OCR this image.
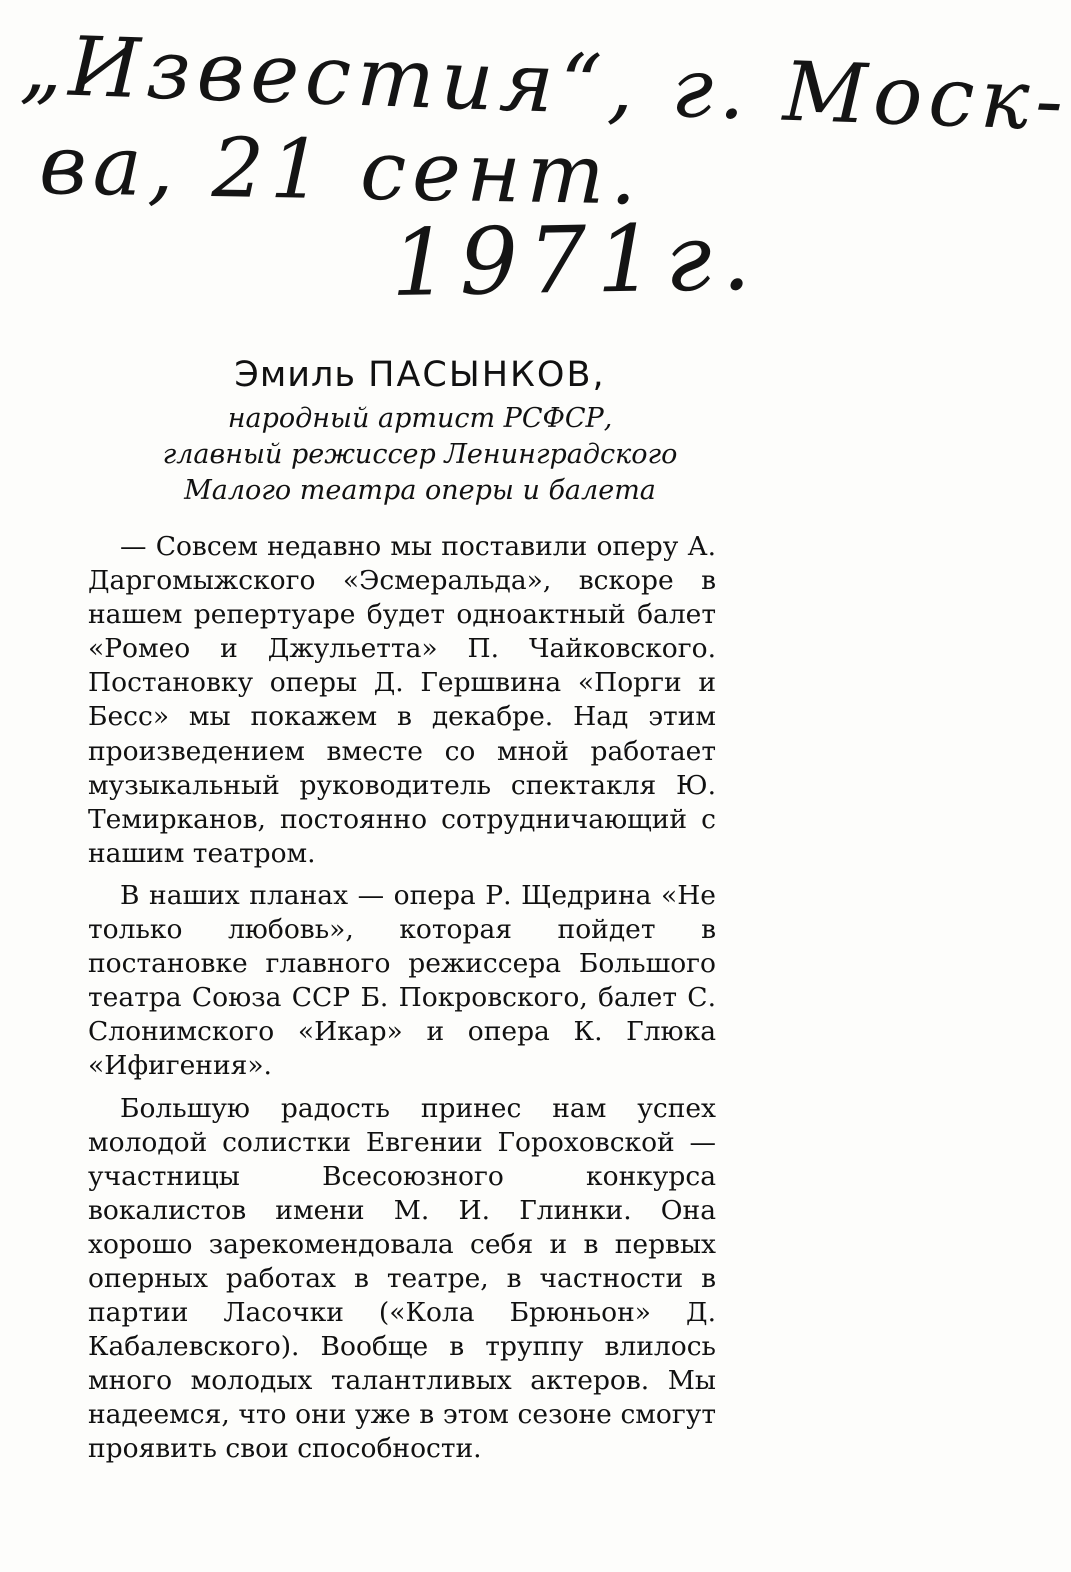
„Известия“, г. Моск-
ва, 21 сент.
1971г.
Эмиль ПАСЫНКОВ,

народный артист РСФСР,

главный режиссер Ленинградского

Малого театра оперы и балета

— Совсем недавно мы поставили оперу А. Даргомыжского «Эсмеральда», вскоре в нашем репертуаре будет одноактный балет «Ромео и Джульетта» П. Чайковского. Постановку оперы Д. Гершвина «Порги и Бесс» мы покажем в декабре. Над этим произведением вместе со мной работает музыкальный руководитель спектакля Ю. Темирканов, постоянно сотрудничающий с нашим театром.

В наших планах — опера Р. Щедрина «Не только любовь», которая пойдет в постановке главного режиссера Большого театра Союза ССР Б. Покровского, балет С. Слонимского «Икар» и опера К. Глюка «Ифигения».

Большую радость принес нам успех молодой солистки Евгении Гороховской — участницы Всесоюзного конкурса вокалистов имени М. И. Глинки. Она хорошо зарекомендовала себя и в первых оперных работах в театре, в частности в партии Ласочки («Кола Брюньон» Д. Кабалевского). Вообще в труппу влилось много молодых талантливых актеров. Мы надеемся, что они уже в этом сезоне смогут проявить свои способности.
